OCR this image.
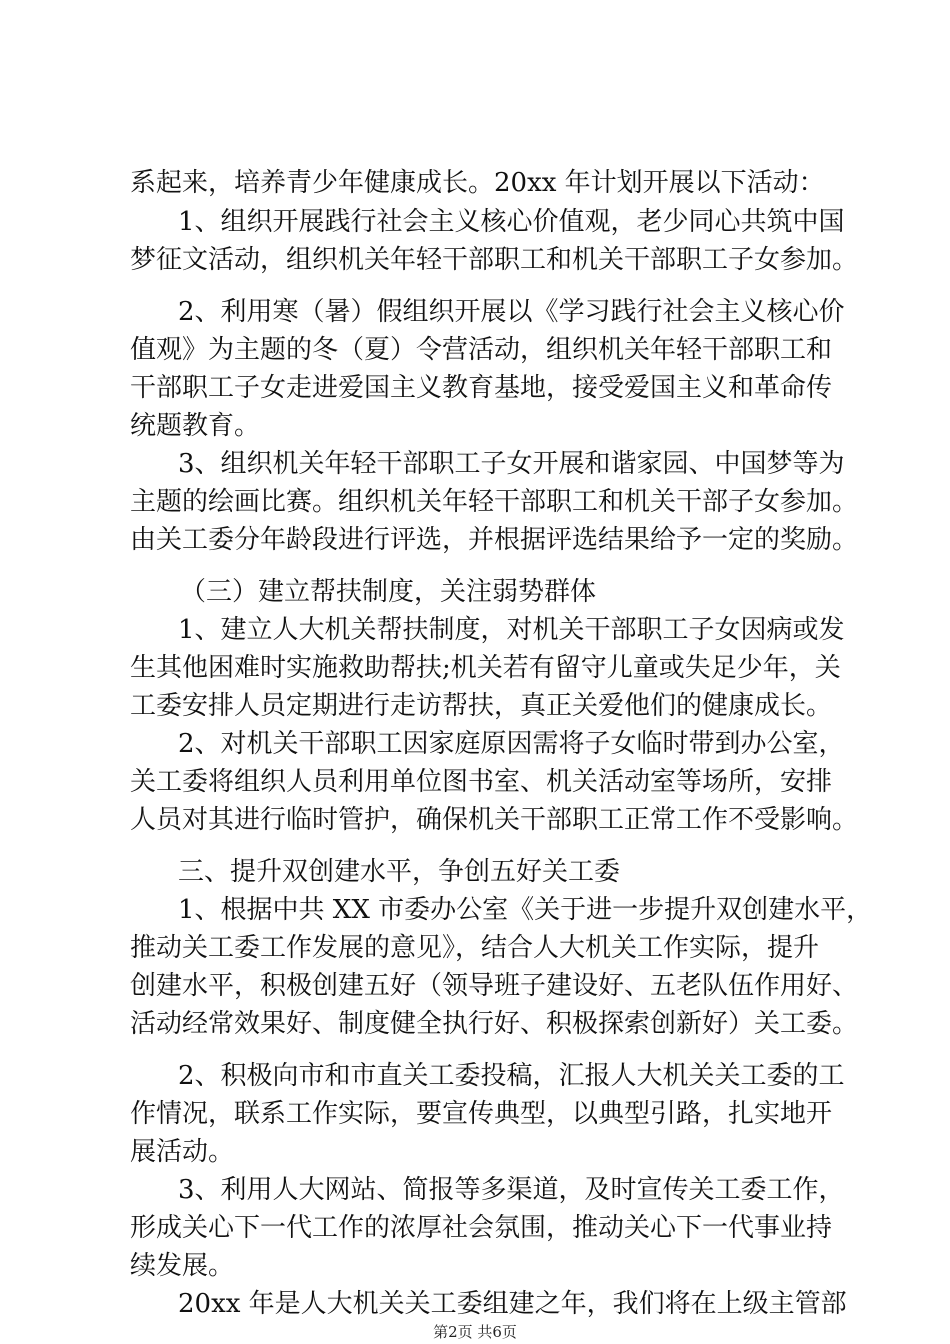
系起来，培养青少年健康成长。20xx 年计划开展以下活动：
1、组织开展践行社会主义核心价值观，老少同心共筑中国
梦征文活动，组织机关年轻干部职工和机关干部职工子女参加。
2、利用寒（暑）假组织开展以《学习践行社会主义核心价
值观》为主题的冬（夏）令营活动，组织机关年轻干部职工和
干部职工子女走进爱国主义教育基地，接受爱国主义和革命传
统题教育。
3、组织机关年轻干部职工子女开展和谐家园、中国梦等为
主题的绘画比赛。组织机关年轻干部职工和机关干部子女参加。
由关工委分年龄段进行评选，并根据评选结果给予一定的奖励。
（三）建立帮扶制度，关注弱势群体
1、建立人大机关帮扶制度，对机关干部职工子女因病或发
生其他困难时实施救助帮扶;机关若有留守儿童或失足少年，关
工委安排人员定期进行走访帮扶，真正关爱他们的健康成长。
2、对机关干部职工因家庭原因需将子女临时带到办公室，
关工委将组织人员利用单位图书室、机关活动室等场所，安排
人员对其进行临时管护，确保机关干部职工正常工作不受影响。
三、提升双创建水平，争创五好关工委
1、根据中共 XX 市委办公室《关于进一步提升双创建水平，
推动关工委工作发展的意见》，结合人大机关工作实际，提升
创建水平，积极创建五好（领导班子建设好、五老队伍作用好、
活动经常效果好、制度健全执行好、积极探索创新好）关工委。
2、积极向市和市直关工委投稿，汇报人大机关关工委的工
作情况，联系工作实际，要宣传典型，以典型引路，扎实地开
展活动。
3、利用人大网站、简报等多渠道，及时宣传关工委工作，
形成关心下一代工作的浓厚社会氛围，推动关心下一代事业持
续发展。
20xx 年是人大机关关工委组建之年，我们将在上级主管部
第2页 共6页
